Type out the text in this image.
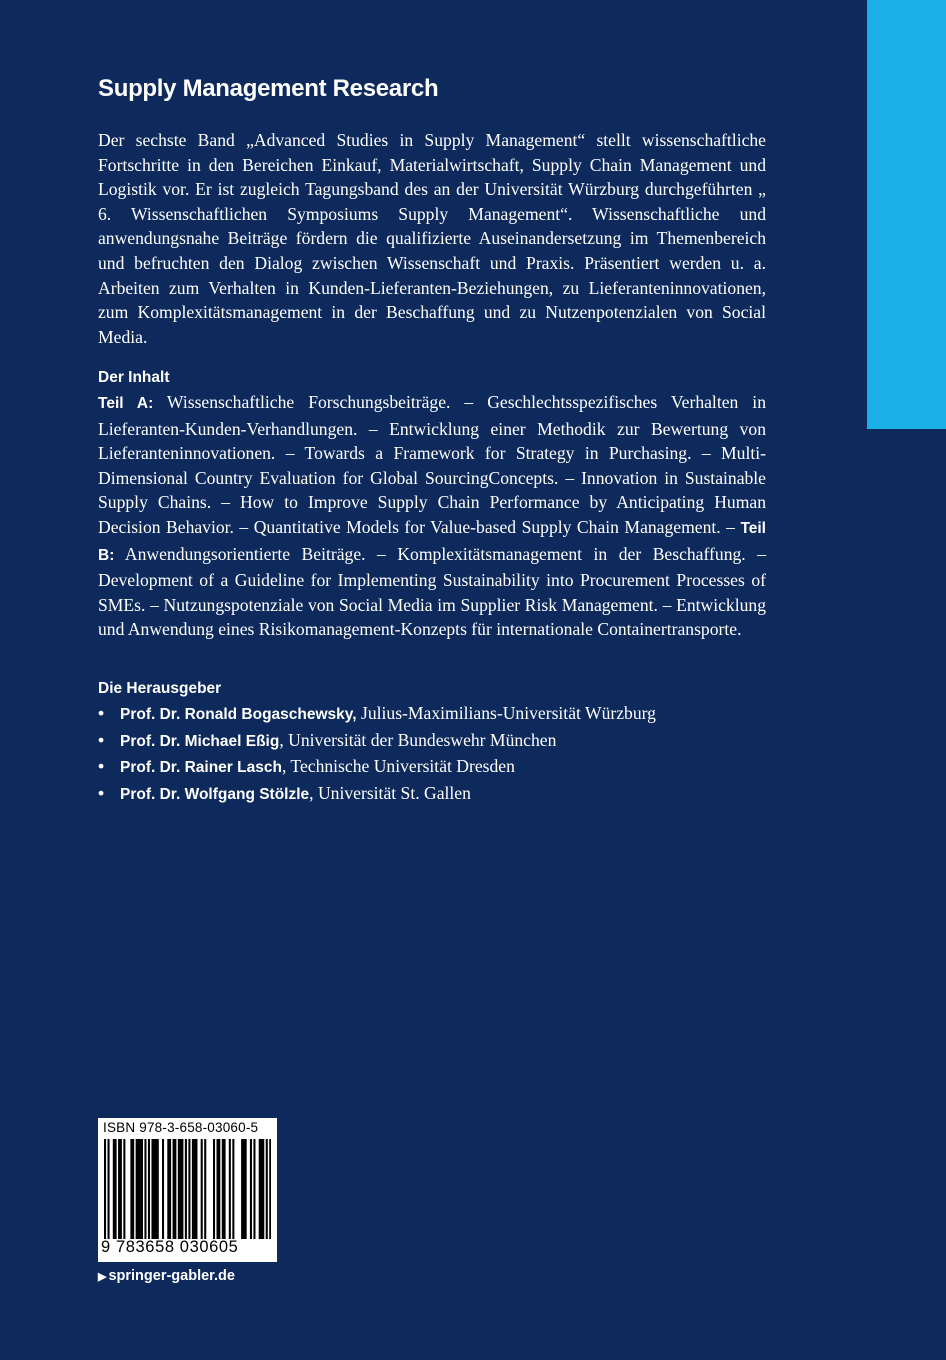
Supply Management Research
Der sechste Band „Advanced Studies in Supply Management“ stellt wissenschaftliche Fortschritte in den Bereichen Einkauf, Materialwirtschaft, Supply Chain Management und Logistik vor. Er ist zugleich Tagungsband des an der Universität Würzburg durchgeführten „ 6. Wissenschaftlichen Symposiums Supply Management“. Wissenschaftliche und anwendungsnahe Beiträge fördern die qualifizierte Auseinandersetzung im Themenbereich und befruchten den Dialog zwischen Wissenschaft und Praxis. Präsentiert werden u. a. Arbeiten zum Verhalten in Kunden-Lieferanten-Beziehungen, zu Lieferanteninnovationen, zum Komplexitätsmanagement in der Beschaffung und zu Nutzenpotenzialen von Social Media.
Der Inhalt
Teil A: Wissenschaftliche Forschungsbeiträge. – Geschlechtsspezifisches Verhalten in Lieferanten-Kunden-Verhandlungen. – Entwicklung einer Methodik zur Bewertung von Lieferanteninnovationen. – Towards a Framework for Strategy in Purchasing. – Multi-Dimensional Country Evaluation for Global SourcingConcepts. – Innovation in Sustainable Supply Chains. – How to Improve Supply Chain Performance by Anticipating Human Decision Behavior. – Quantitative Models for Value-based Supply Chain Management. – Teil B: Anwendungsorientierte Beiträge. – Komplexitätsmanagement in der Beschaffung. – Development of a Guideline for Implementing Sustainability into Procurement Processes of SMEs. – Nutzungspotenziale von Social Media im Supplier Risk Management. – Entwicklung und Anwendung eines Risikomanagement-Konzepts für internationale Containertransporte.
Die Herausgeber
• Prof. Dr. Ronald Bogaschewsky, Julius-Maximilians-Universität Würzburg
• Prof. Dr. Michael Eßig, Universität der Bundeswehr München
• Prof. Dr. Rainer Lasch, Technische Universität Dresden
• Prof. Dr. Wolfgang Stölzle, Universität St. Gallen
ISBN 978-3-658-03060-5
9 783658 030605
▶ springer-gabler.de
